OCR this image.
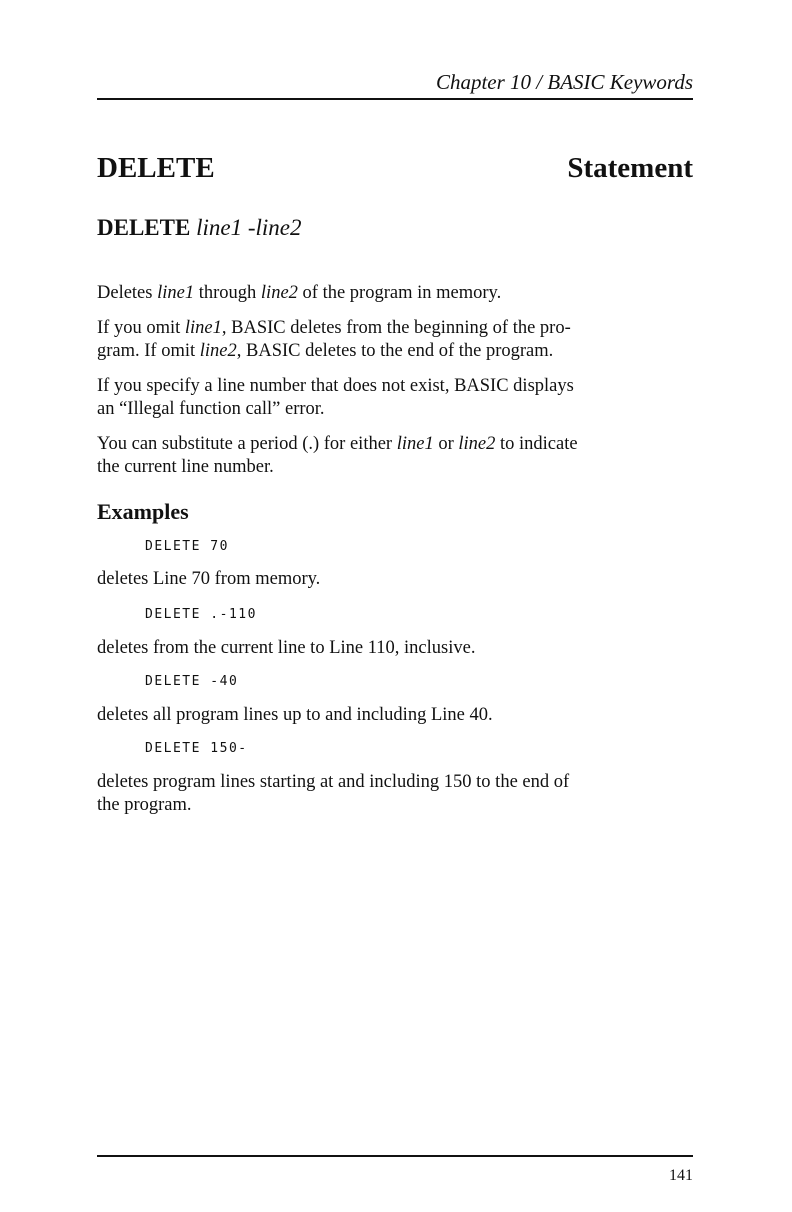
Chapter 10 / BASIC Keywords
DELETE	Statement
DELETE line1 -line2
Deletes line1 through line2 of the program in memory.
If you omit line1, BASIC deletes from the beginning of the pro-
gram. If omit line2, BASIC deletes to the end of the program.
If you specify a line number that does not exist, BASIC displays
an “Illegal function call” error.
You can substitute a period (.) for either line1 or line2 to indicate
the current line number.
Examples
DELETE 70
deletes Line 70 from memory.
DELETE .-110
deletes from the current line to Line 110, inclusive.
DELETE -40
deletes all program lines up to and including Line 40.
DELETE 150-
deletes program lines starting at and including 150 to the end of
the program.
141
